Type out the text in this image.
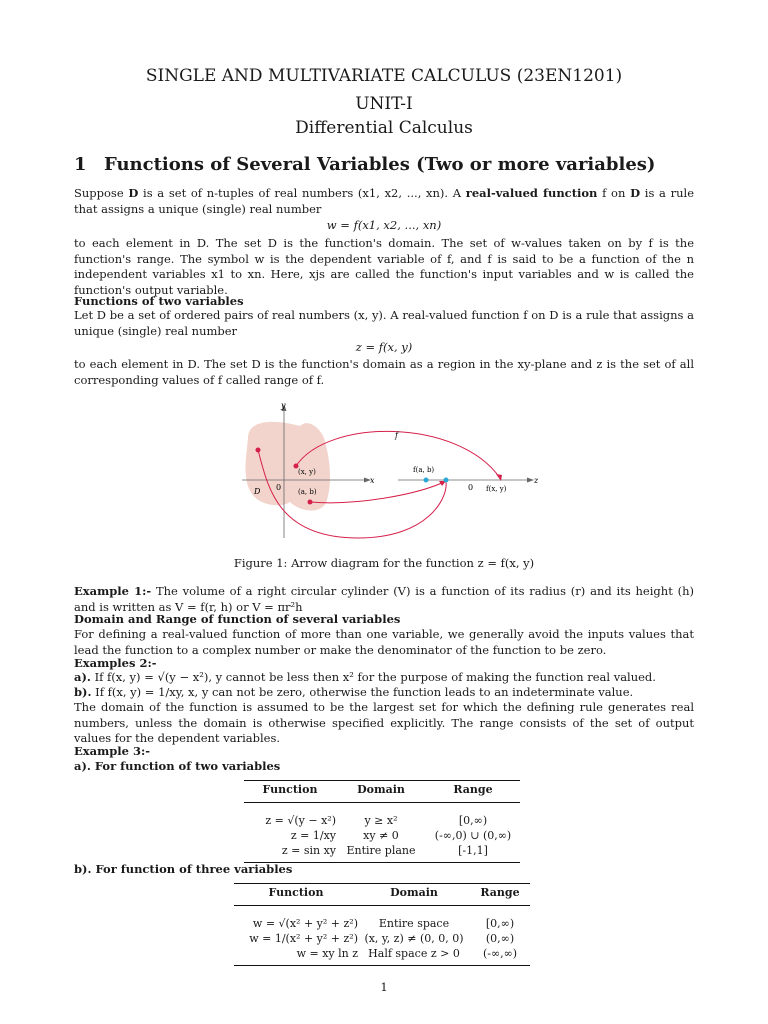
SINGLE AND MULTIVARIATE CALCULUS (23EN1201)
UNIT-I
Differential Calculus
1 Functions of Several Variables (Two or more variables)
Suppose D is a set of n-tuples of real numbers (x1, x2, ..., xn). A real-valued function f on D is a rule that assigns a unique (single) real number
w = f(x1, x2, ..., xn)
to each element in D. The set D is the function's domain. The set of w-values taken on by f is the function's range. The symbol w is the dependent variable of f, and f is said to be a function of the n independent variables x1 to xn. Here, xjs are called the function's input variables and w is called the function's output variable.
Functions of two variables
Let D be a set of ordered pairs of real numbers (x, y). A real-valued function f on D is a rule that assigns a unique (single) real number
z = f(x, y)
to each element in D. The set D is the function's domain as a region in the xy-plane and z is the set of all corresponding values of f called range of f.
y
x	z
f
D 0	0
(x, y)
(a, b)
f(a, b)
f(x, y)
Figure 1: Arrow diagram for the function z = f(x, y)
Example 1:- The volume of a right circular cylinder (V) is a function of its radius (r) and its height (h) and is written as V = f(r, h) or V = πr²h
Domain and Range of function of several variables
For defining a real-valued function of more than one variable, we generally avoid the inputs values that lead the function to a complex number or make the denominator of the function to be zero.
Examples 2:-
a). If f(x, y) = √(y − x²), y cannot be less then x² for the purpose of making the function real valued.
b). If f(x, y) = 1/xy, x, y can not be zero, otherwise the function leads to an indeterminate value.
The domain of the function is assumed to be the largest set for which the defining rule generates real numbers, unless the domain is otherwise specified explicitly. The range consists of the set of output values for the dependent variables.
Example 3:-
a). For function of two variables
Function	Domain	Range

z = √(y − x²)	y ≥ x²	[0,∞)
z = 1/xy	xy ≠ 0	(-∞,0) ∪ (0,∞)
z = sin xy	Entire plane	[-1,1]
b). For function of three variables
Function	Domain	Range

w = √(x² + y² + z²)	Entire space	[0,∞)
w = 1/(x² + y² + z²)	(x, y, z) ≠ (0, 0, 0)	(0,∞)
w = xy ln z	Half space z > 0	(-∞,∞)
1
